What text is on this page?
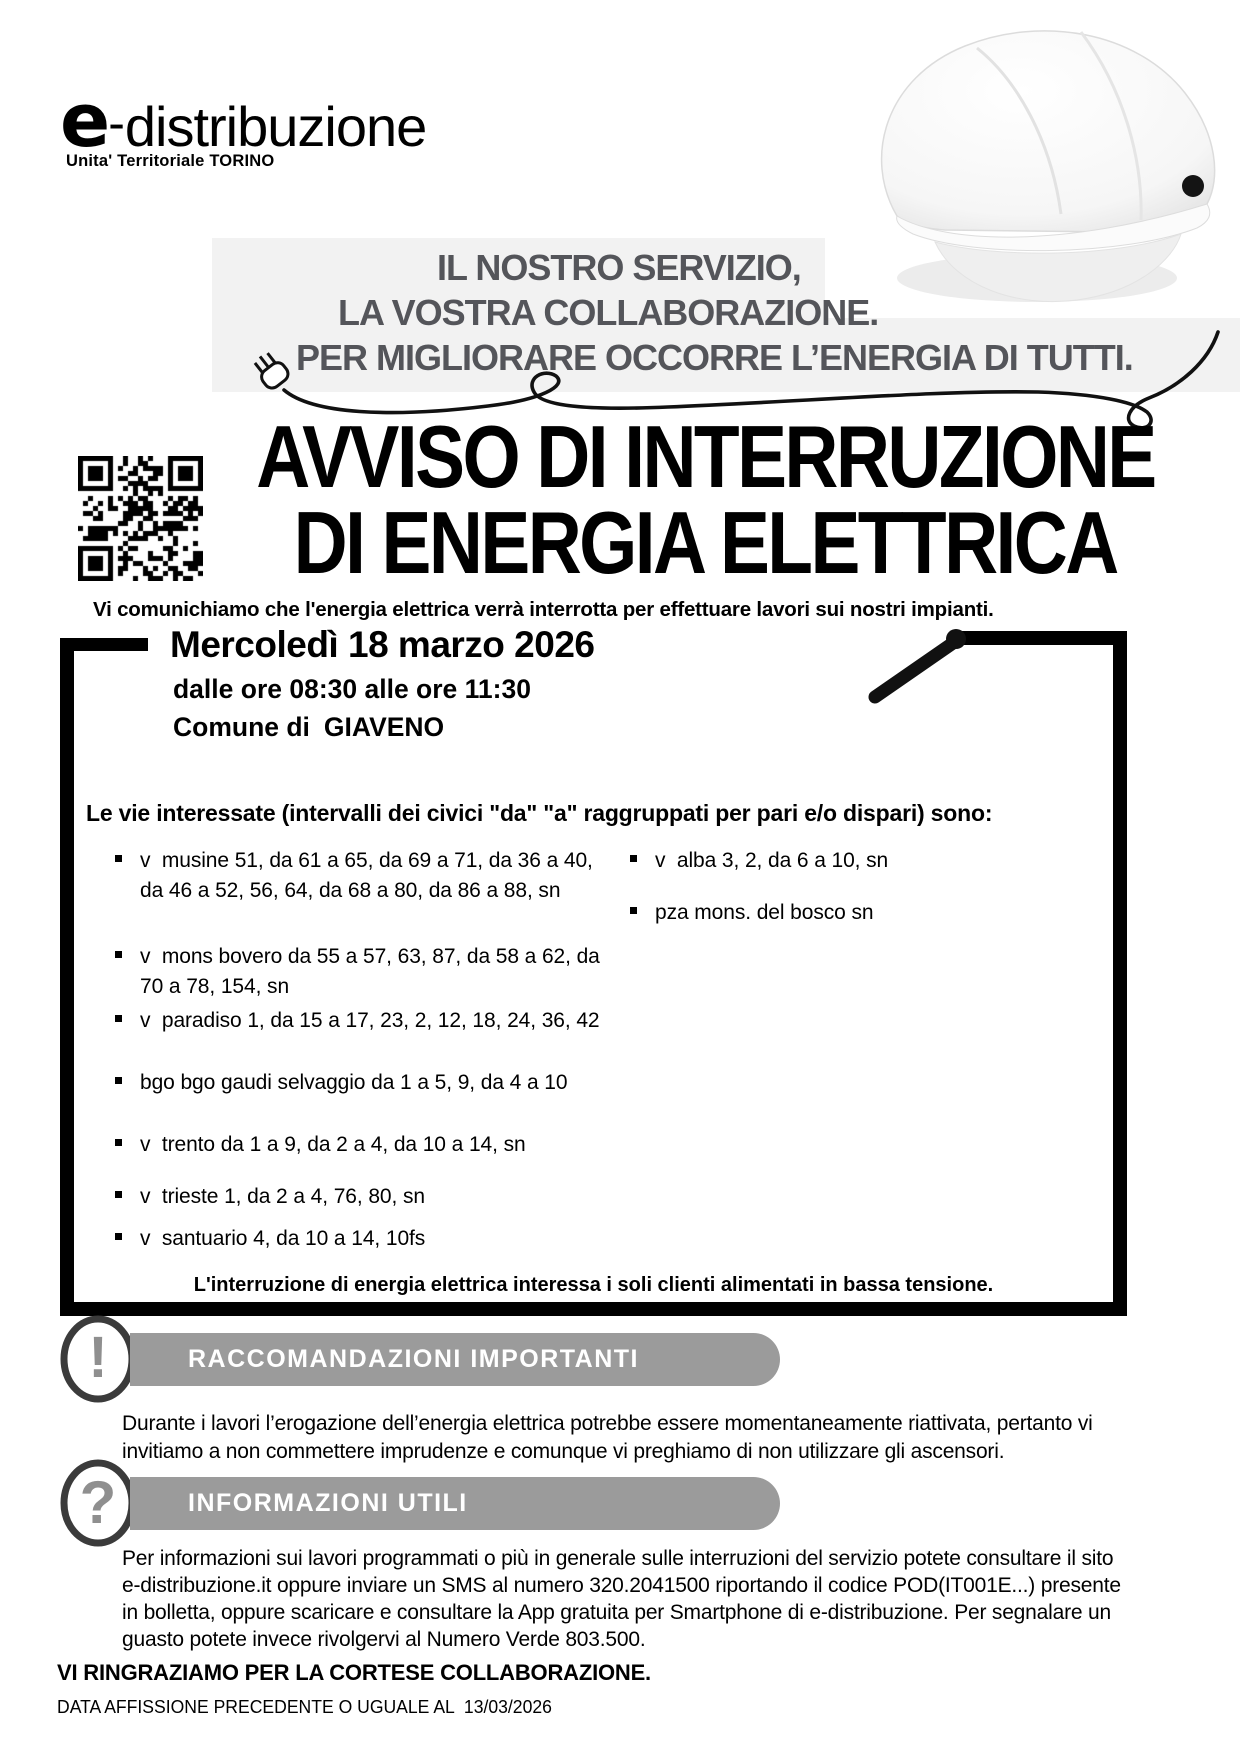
e-distribuzione
Unita' Territoriale TORINO
IL NOSTRO SERVIZIO,
LA VOSTRA COLLABORAZIONE.
PER MIGLIORARE OCCORRE L’ENERGIA DI TUTTI.
AVVISO DI INTERRUZIONE
DI ENERGIA ELETTRICA
Vi comunichiamo che l'energia elettrica verrà interrotta per effettuare lavori sui nostri impianti.
Mercoledì 18 marzo 2026
dalle ore 08:30 alle ore 11:30
Comune di GIAVENO
Le vie interessate (intervalli dei civici "da" "a" raggruppati per pari e/o dispari) sono:
v  musine 51, da 61 a 65, da 69 a 71, da 36 a 40, da 46 a 52, 56, 64, da 68 a 80, da 86 a 88, sn
v  mons bovero da 55 a 57, 63, 87, da 58 a 62, da 70 a 78, 154, sn
v  paradiso 1, da 15 a 17, 23, 2, 12, 18, 24, 36, 42
bgo bgo gaudi selvaggio da 1 a 5, 9, da 4 a 10
v  trento da 1 a 9, da 2 a 4, da 10 a 14, sn
v  trieste 1, da 2 a 4, 76, 80, sn
v  santuario 4, da 10 a 14, 10fs
v  alba 3, 2, da 6 a 10, sn
pza mons. del bosco sn
L'interruzione di energia elettrica interessa i soli clienti alimentati in bassa tensione.
!	RACCOMANDAZIONI IMPORTANTI
Durante i lavori l’erogazione dell’energia elettrica potrebbe essere momentaneamente riattivata, pertanto vi invitiamo a non commettere imprudenze e comunque vi preghiamo di non utilizzare gli ascensori.
?	INFORMAZIONI UTILI
Per informazioni sui lavori programmati o più in generale sulle interruzioni del servizio potete consultare il sito e-distribuzione.it oppure inviare un SMS al numero 320.2041500 riportando il codice POD(IT001E...) presente in bolletta, oppure scaricare e consultare la App gratuita per Smartphone di e-distribuzione. Per segnalare un guasto potete invece rivolgervi al Numero Verde 803.500.
VI RINGRAZIAMO PER LA CORTESE COLLABORAZIONE.
DATA AFFISSIONE PRECEDENTE O UGUALE AL  13/03/2026
